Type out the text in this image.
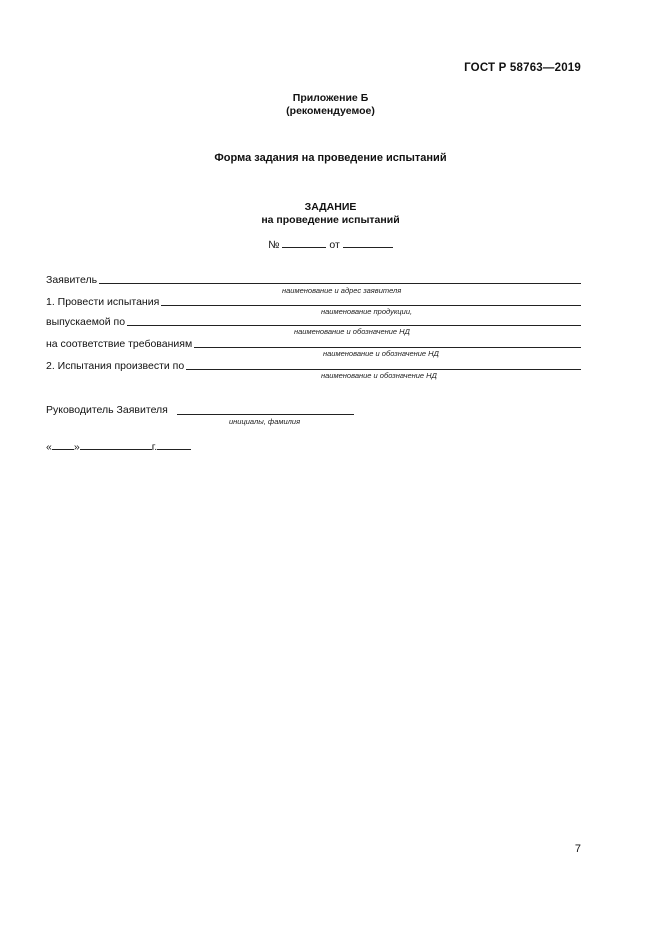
ГОСТ Р 58763—2019
Приложение Б
(рекомендуемое)
Форма задания на проведение испытаний
ЗАДАНИЕ
на проведение испытаний
№	от
Заявитель
наименование и адрес заявителя
1. Провести испытания
наименование продукции,
выпускаемой по
наименование и обозначение НД
на соответствие требованиям
наименование и обозначение НД
2. Испытания произвести по
наименование и обозначение НД
Руководитель Заявителя
инициалы, фамилия
« »	г.
7
